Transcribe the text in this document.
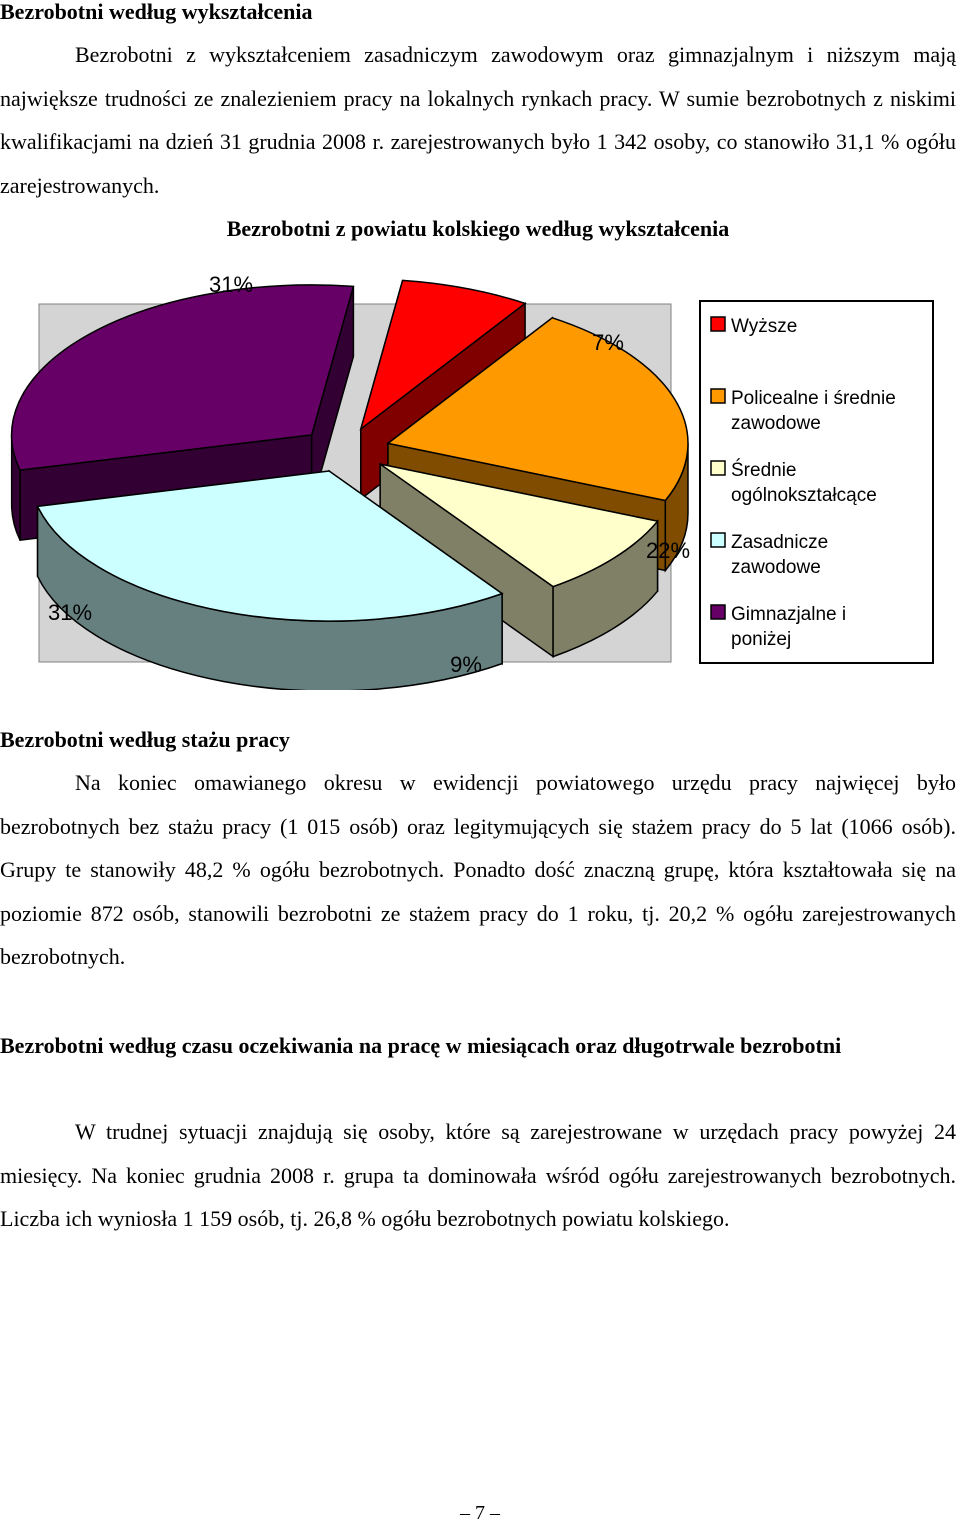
Bezrobotni według wykształcenia
Bezrobotni z wykształceniem zasadniczym zawodowym oraz gimnazjalnym i niższym mają największe trudności ze znalezieniem pracy na lokalnych rynkach pracy. W sumie bezrobotnych z niskimi kwalifikacjami na dzień 31 grudnia 2008 r. zarejestrowanych było 1 342 osoby, co stanowiło 31,1 % ogółu zarejestrowanych.
Bezrobotni z powiatu kolskiego według wykształcenia
7%
22%
9%
31%
31%
Wyższe
Policealne i średnie zawodowe
Średnie ogólnokształcące
Zasadnicze zawodowe
Gimnazjalne i poniżej
Bezrobotni według stażu pracy
Na koniec omawianego okresu w ewidencji powiatowego urzędu pracy najwięcej było bezrobotnych bez stażu pracy (1 015 osób) oraz legitymujących się stażem pracy do 5 lat (1066 osób). Grupy te stanowiły 48,2 % ogółu bezrobotnych. Ponadto dość znaczną grupę, która kształtowała się na poziomie 872 osób, stanowili bezrobotni ze stażem pracy do 1 roku, tj. 20,2 % ogółu zarejestrowanych bezrobotnych.
Bezrobotni według czasu oczekiwania na pracę w miesiącach oraz długotrwale bezrobotni
W trudnej sytuacji znajdują się osoby, które są zarejestrowane w urzędach pracy powyżej 24 miesięcy. Na koniec grudnia 2008 r. grupa ta dominowała wśród ogółu zarejestrowanych bezrobotnych. Liczba ich wyniosła 1 159 osób, tj. 26,8 % ogółu bezrobotnych powiatu kolskiego.
– 7 –
